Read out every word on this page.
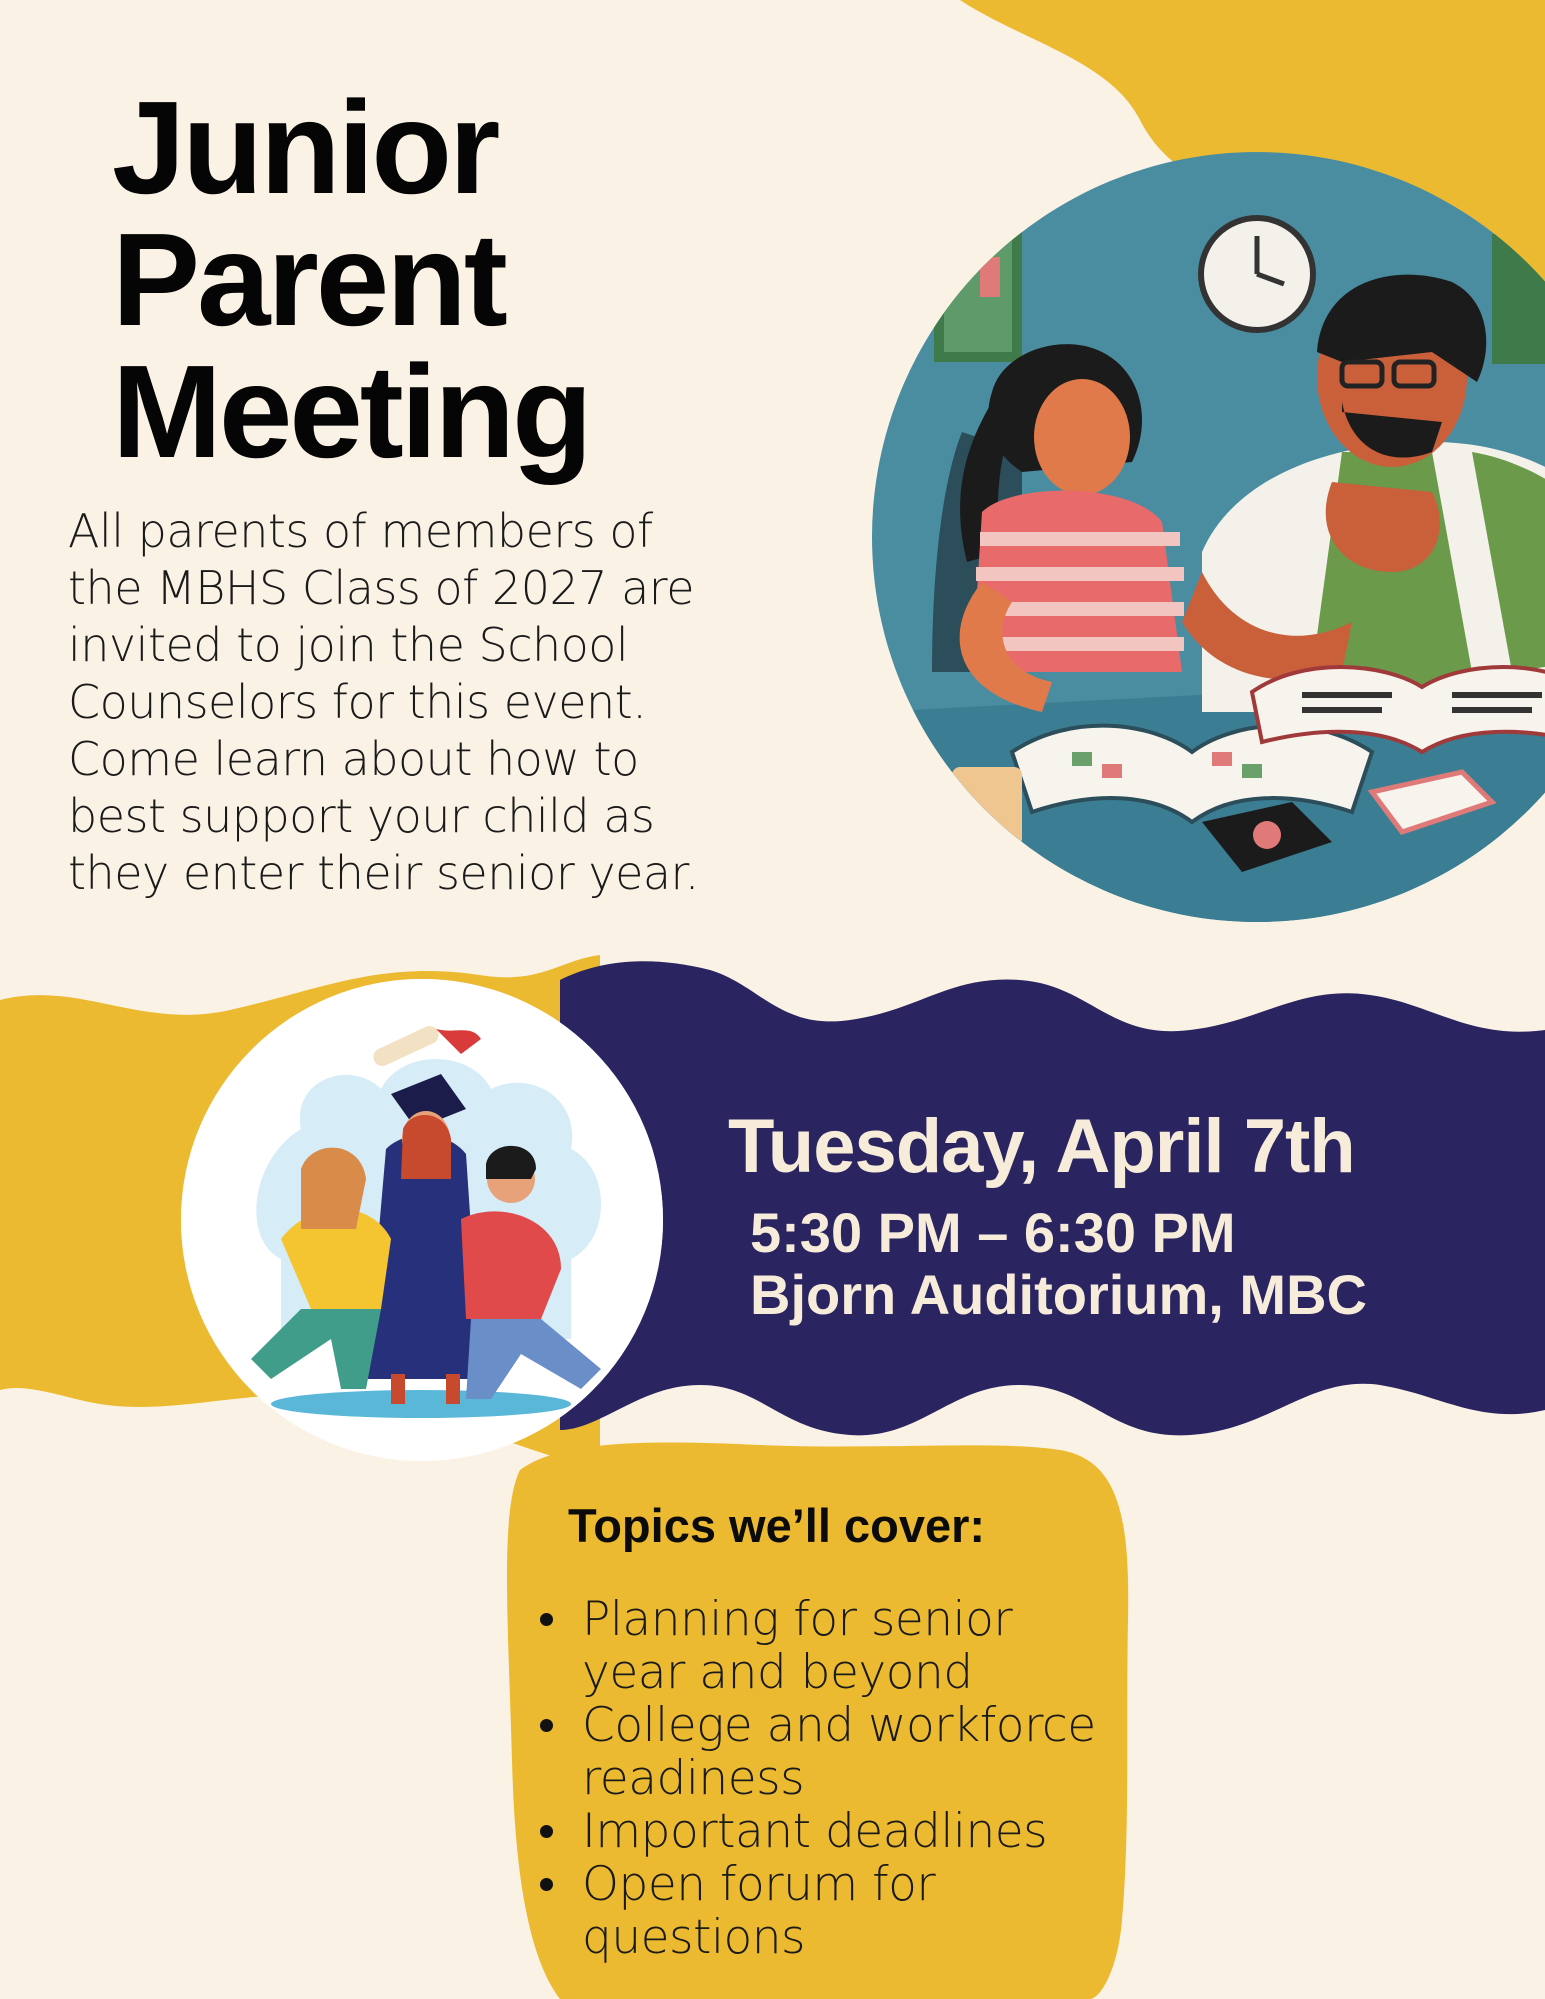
Junior
Parent
Meeting

All parents of members of
the MBHS Class of 2027 are
invited to join the School
Counselors for this event.
Come learn about how to
best support your child as
they enter their senior year.

Tuesday, April 7th
5:30 PM – 6:30 PM
Bjorn Auditorium, MBC
Topics we’ll cover:
Planning for senior
year and beyond
College and workforce
readiness
Important deadlines
Open forum for
questions
